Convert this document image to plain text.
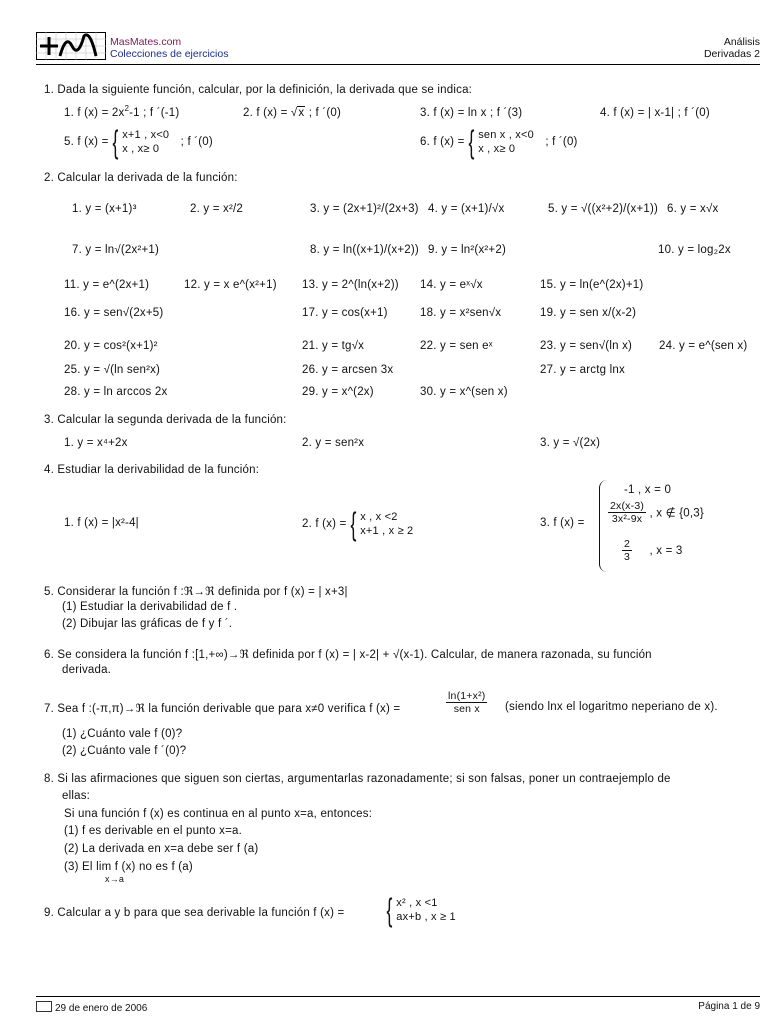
MasMates.com
Colecciones de ejercicios
Análisis
Derivadas 2
1. Dada la siguiente función, calcular, por la definición, la derivada que se indica:
1. f $(x) = 2x^2-1$ ; f ´(-1)	2. f (x) = √x ; f ´(0)	3. f (x) = ln x ; f ´(3)	4. f (x) = | x-1| ; f ´(0)
5. f (x) = { x+1 , x<0
x , x≥ 0 ; f ´(0)	6. f (x) = { sen x , x<0
x , x≥ 0 ; f ´(0)
2. Calcular la derivada de la función:
1. y = (x+1)³	2. y = x²/2	3. y = (2x+1)²/(2x+3) 4. y = (x+1)/√x	5. y = √((x²+2)/(x+1)) 6. y = x√x
7. y = ln√(2x²+1)	8. y = ln((x+1)/(x+2)) 9. y = ln²(x²+2)	10. y = log₂2x
11. y = e^(2x+1)	12. y = x e^(x²+1) 13. y = 2^(ln(x+2)) 14. y = eˣ√x	15. y = ln(e^(2x)+1)
16. y = sen√(2x+5)	17. y = cos(x+1)	18. y = x²sen√x	19. y = sen x/(x-2)
20. y = cos²(x+1)²	21. y = tg√x	22. y = sen eˣ	23. y = sen√(ln x) 24. y = e^(sen x)
25. y = √(ln sen²x)	26. y = arcsen 3x	27. y = arctg lnx
28. y = ln arccos 2x	29. y = x^(2x)	30. y = x^(sen x)
3. Calcular la segunda derivada de la función:
1. y = x⁴+2x	2. y = sen²x	3. y = √(2x)
4. Estudiar la derivabilidad de la función:
1. f (x) = |x²-4|	2. f (x) = { x , x <2
x+1 , x ≥ 2
3. f (x) =
-1 , x = 0
$\frac{2x(x-3)}{\text{3x²-9x}}$ , x ∉ {0,3}
$\frac{2}{3}$ , x = 3
5. Considerar la función f :ℜ→ℜ definida por f (x) = | x+3|
(1) Estudiar la derivabilidad de f .
(2) Dibujar las gráficas de f y f ´.
6. Se considera la función f :[1,+∞)→ℜ definida por f (x) = | x-2| + √(x-1). Calcular, de manera razonada, su función
derivada.
7. Sea f :(-π,π)→ℜ la función derivable que para x≠0 verifica f (x) =	$\frac{\text{ln(1+x²)}}{\text{sen x}}$ (siendo lnx el logaritmo neperiano de x).
(1) ¿Cuánto vale f (0)?
(2) ¿Cuánto vale f ´(0)?
8. Si las afirmaciones que siguen son ciertas, argumentarlas razonadamente; si son falsas, poner un contraejemplo de
ellas:
Si una función f (x) es continua en al punto x=a, entonces:
(1) f es derivable en el punto x=a.
(2) La derivada en x=a debe ser f (a)
(3) El lim f (x) no es f (a)
x→a
9. Calcular a y b para que sea derivable la función f (x) = { x² , x <1
ax+b , x ≥ 1
29 de enero de 2006	Página 1 de 9
